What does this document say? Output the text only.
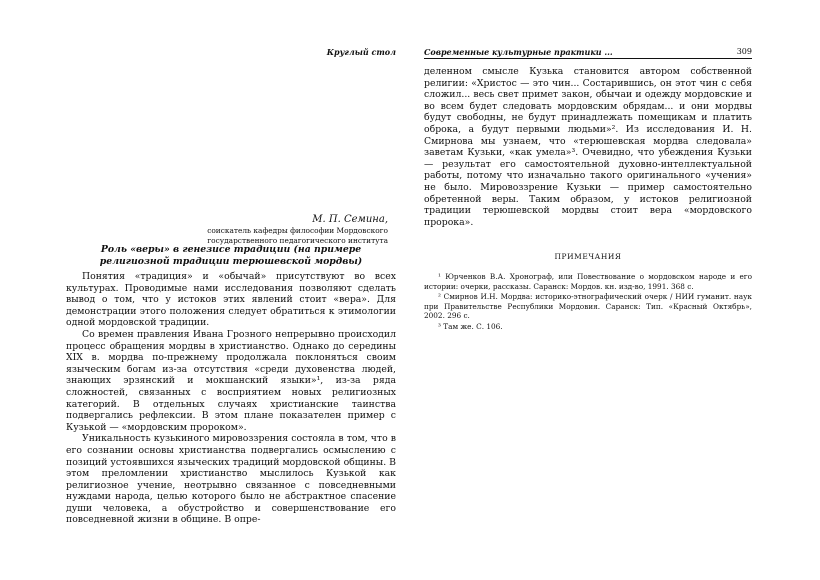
Круглый стол
М. П. Семина,
соискатель кафедры философии Мордовского государственного педагогического института
Роль «веры» в генезисе традиции (на примере религиозной традиции терюшевской мордвы)

Понятия «традиция» и «обычай» присутствуют во всех культурах. Проводимые нами исследования позволяют сделать вывод о том, что у истоков этих явлений стоит «вера». Для демонстрации этого положения следует обратиться к этимологии одной мордовской традиции.

Со времен правления Ивана Грозного непрерывно происходил процесс обращения мордвы в христианство. Однако до середины XIX в. мордва по-прежнему продолжала поклоняться своим языческим богам из-за отсутствия «среди духовенства людей, знающих эрзянский и мокшанский языки»¹, из-за ряда сложностей, связанных с восприятием новых религиозных категорий. В отдельных случаях христианские таинства подвергались рефлексии. В этом плане показателен пример с Кузькой — «мордовским пророком».

Уникальность кузькиного мировоззрения состояла в том, что в его сознании основы христианства подвергались осмыслению с позиций устоявшихся языческих традиций мордовской общины. В этом преломлении христианство мыслилось Кузькой как религиозное учение, неотрывно связанное с повседневными нуждами народа, целью которого было не абстрактное спасение души человека, а обустройство и совершенствование его повседневной жизни в общине. В опре-

Современные культурные практики ...	309

деленном смысле Кузька становится автором собственной религии: «Христос — это чин... Состарившись, он этот чин с себя сложил... весь свет примет закон, обычаи и одежду мордовские и во всем будет следовать мордовским обрядам... и они мордвы будут свободны, не будут принадлежать помещикам и платить оброка, а будут первыми людьми»². Из исследования И. Н. Смирнова мы узнаем, что «терюшевская мордва следовала» заветам Кузьки, «как умела»³. Очевидно, что убеждения Кузьки — результат его самостоятельной духовно-интеллектуальной работы, потому что изначально такого оригинального «учения» не было. Мировоззрение Кузьки — пример самостоятельно обретенной веры. Таким образом, у истоков религиозной традиции терюшевской мордвы стоит вера «мордовского пророка».

ПРИМЕЧАНИЯ

¹ Юрченков В.А. Хронограф, или Повествование о мордовском народе и его истории: очерки, рассказы. Саранск: Мордов. кн. изд-во, 1991. 368 с.

² Смирнов И.Н. Мордва: историко-этнографический очерк / НИИ гуманит. наук при Правительстве Республики Мордовия. Саранск: Тип. «Красный Октябрь», 2002. 296 с.

³ Там же. С. 106.
